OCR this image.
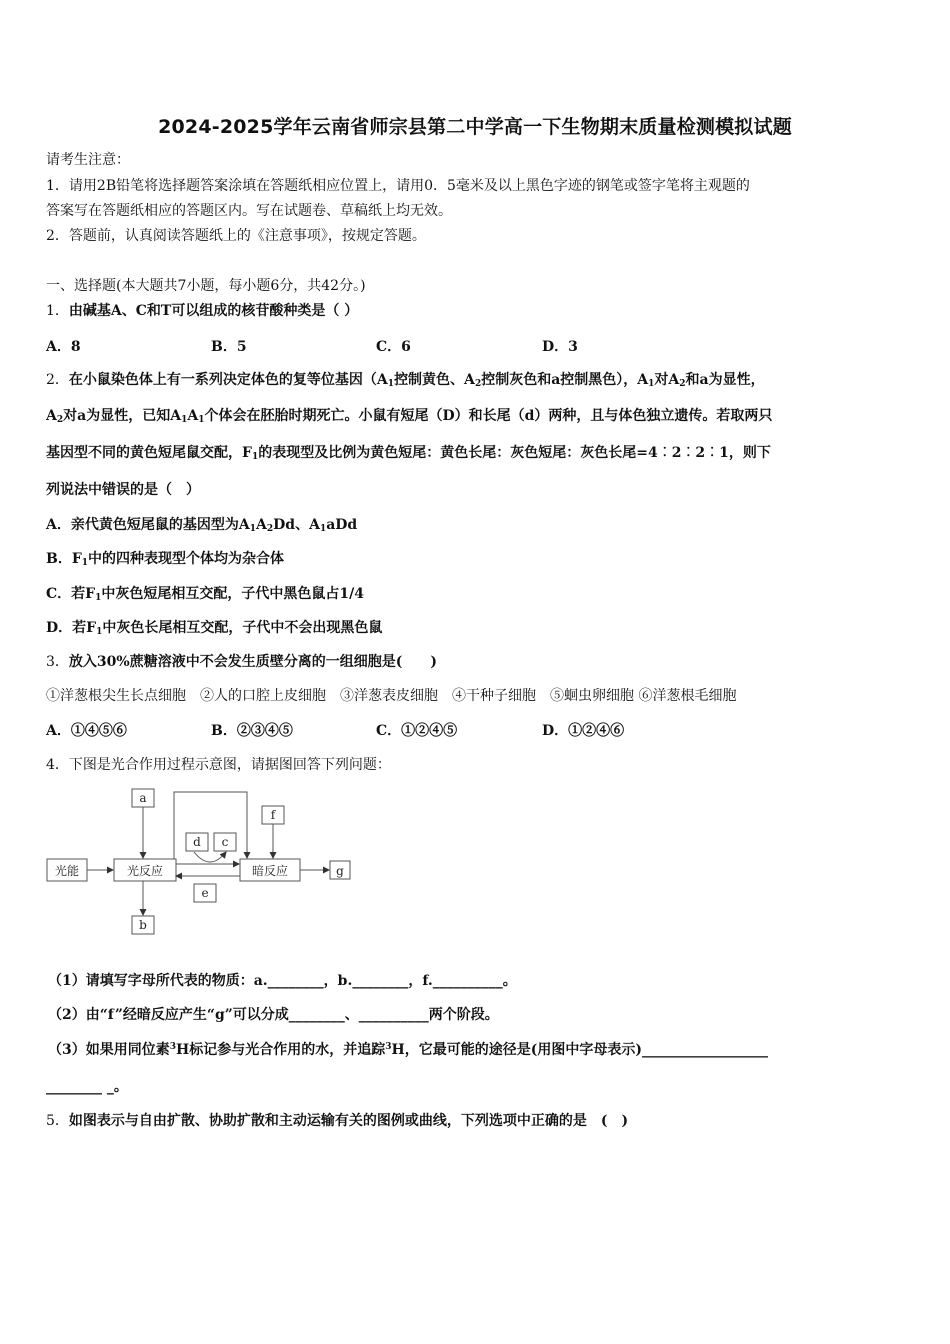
2024-2025学年云南省师宗县第二中学高一下生物期末质量检测模拟试题
请考生注意：
1．请用2B铅笔将选择题答案涂填在答题纸相应位置上，请用0．5毫米及以上黑色字迹的钢笔或签字笔将主观题的
答案写在答题纸相应的答题区内。写在试题卷、草稿纸上均无效。
2．答题前，认真阅读答题纸上的《注意事项》，按规定答题。
一、选择题(本大题共7小题，每小题6分，共42分。)
1．由碱基A、C和T可以组成的核苷酸种类是（ ）
A．8	B．5	C．6	D．3
2．在小鼠染色体上有一系列决定体色的复等位基因（$A_1$控制黄色、$A_2$控制灰色和a控制黑色），$A_1$对$A_2$和a为显性，
$A_2$对a为显性，已知$A_1A_1$个体会在胚胎时期死亡。小鼠有短尾（D）和长尾（d）两种，且与体色独立遗传。若取两只
基因型不同的黄色短尾鼠交配，$F_1$的表现型及比例为黄色短尾：黄色长尾：灰色短尾：灰色长尾=4︰2︰2︰1，则下
列说法中错误的是（　）
A．亲代黄色短尾鼠的基因型为$A_1A_2Dd$、$A_1aDd$
B．$F_1$中的四种表现型个体均为杂合体
C．若$F_1$中灰色短尾相互交配，子代中黑色鼠占1/4
D．若$F_1$中灰色长尾相互交配，子代中不会出现黑色鼠
3．放入30%蔗糖溶液中不会发生质壁分离的一组细胞是(　　)
①洋葱根尖生长点细胞　②人的口腔上皮细胞　③洋葱表皮细胞　④干种子细胞　⑤蛔虫卵细胞 ⑥洋葱根毛细胞
A．①④⑤⑥	B．②③④⑤	C．①②④⑤	D．①②④⑥
4．下图是光合作用过程示意图，请据图回答下列问题：
光能	光反应	暗反应
a
b
d c
e
f
g
（1）请填写字母所代表的物质：a.________，b.________，f.__________。
（2）由“f”经暗反应产生“g”可以分成________、__________两个阶段。
（3）如果用同位素$^3$H标记参与光合作用的水，并追踪$^3$H，它最可能的途径是(用图中字母表示)__________________
________ _。
5．如图表示与自由扩散、协助扩散和主动运输有关的图例或曲线，下列选项中正确的是　(　)
